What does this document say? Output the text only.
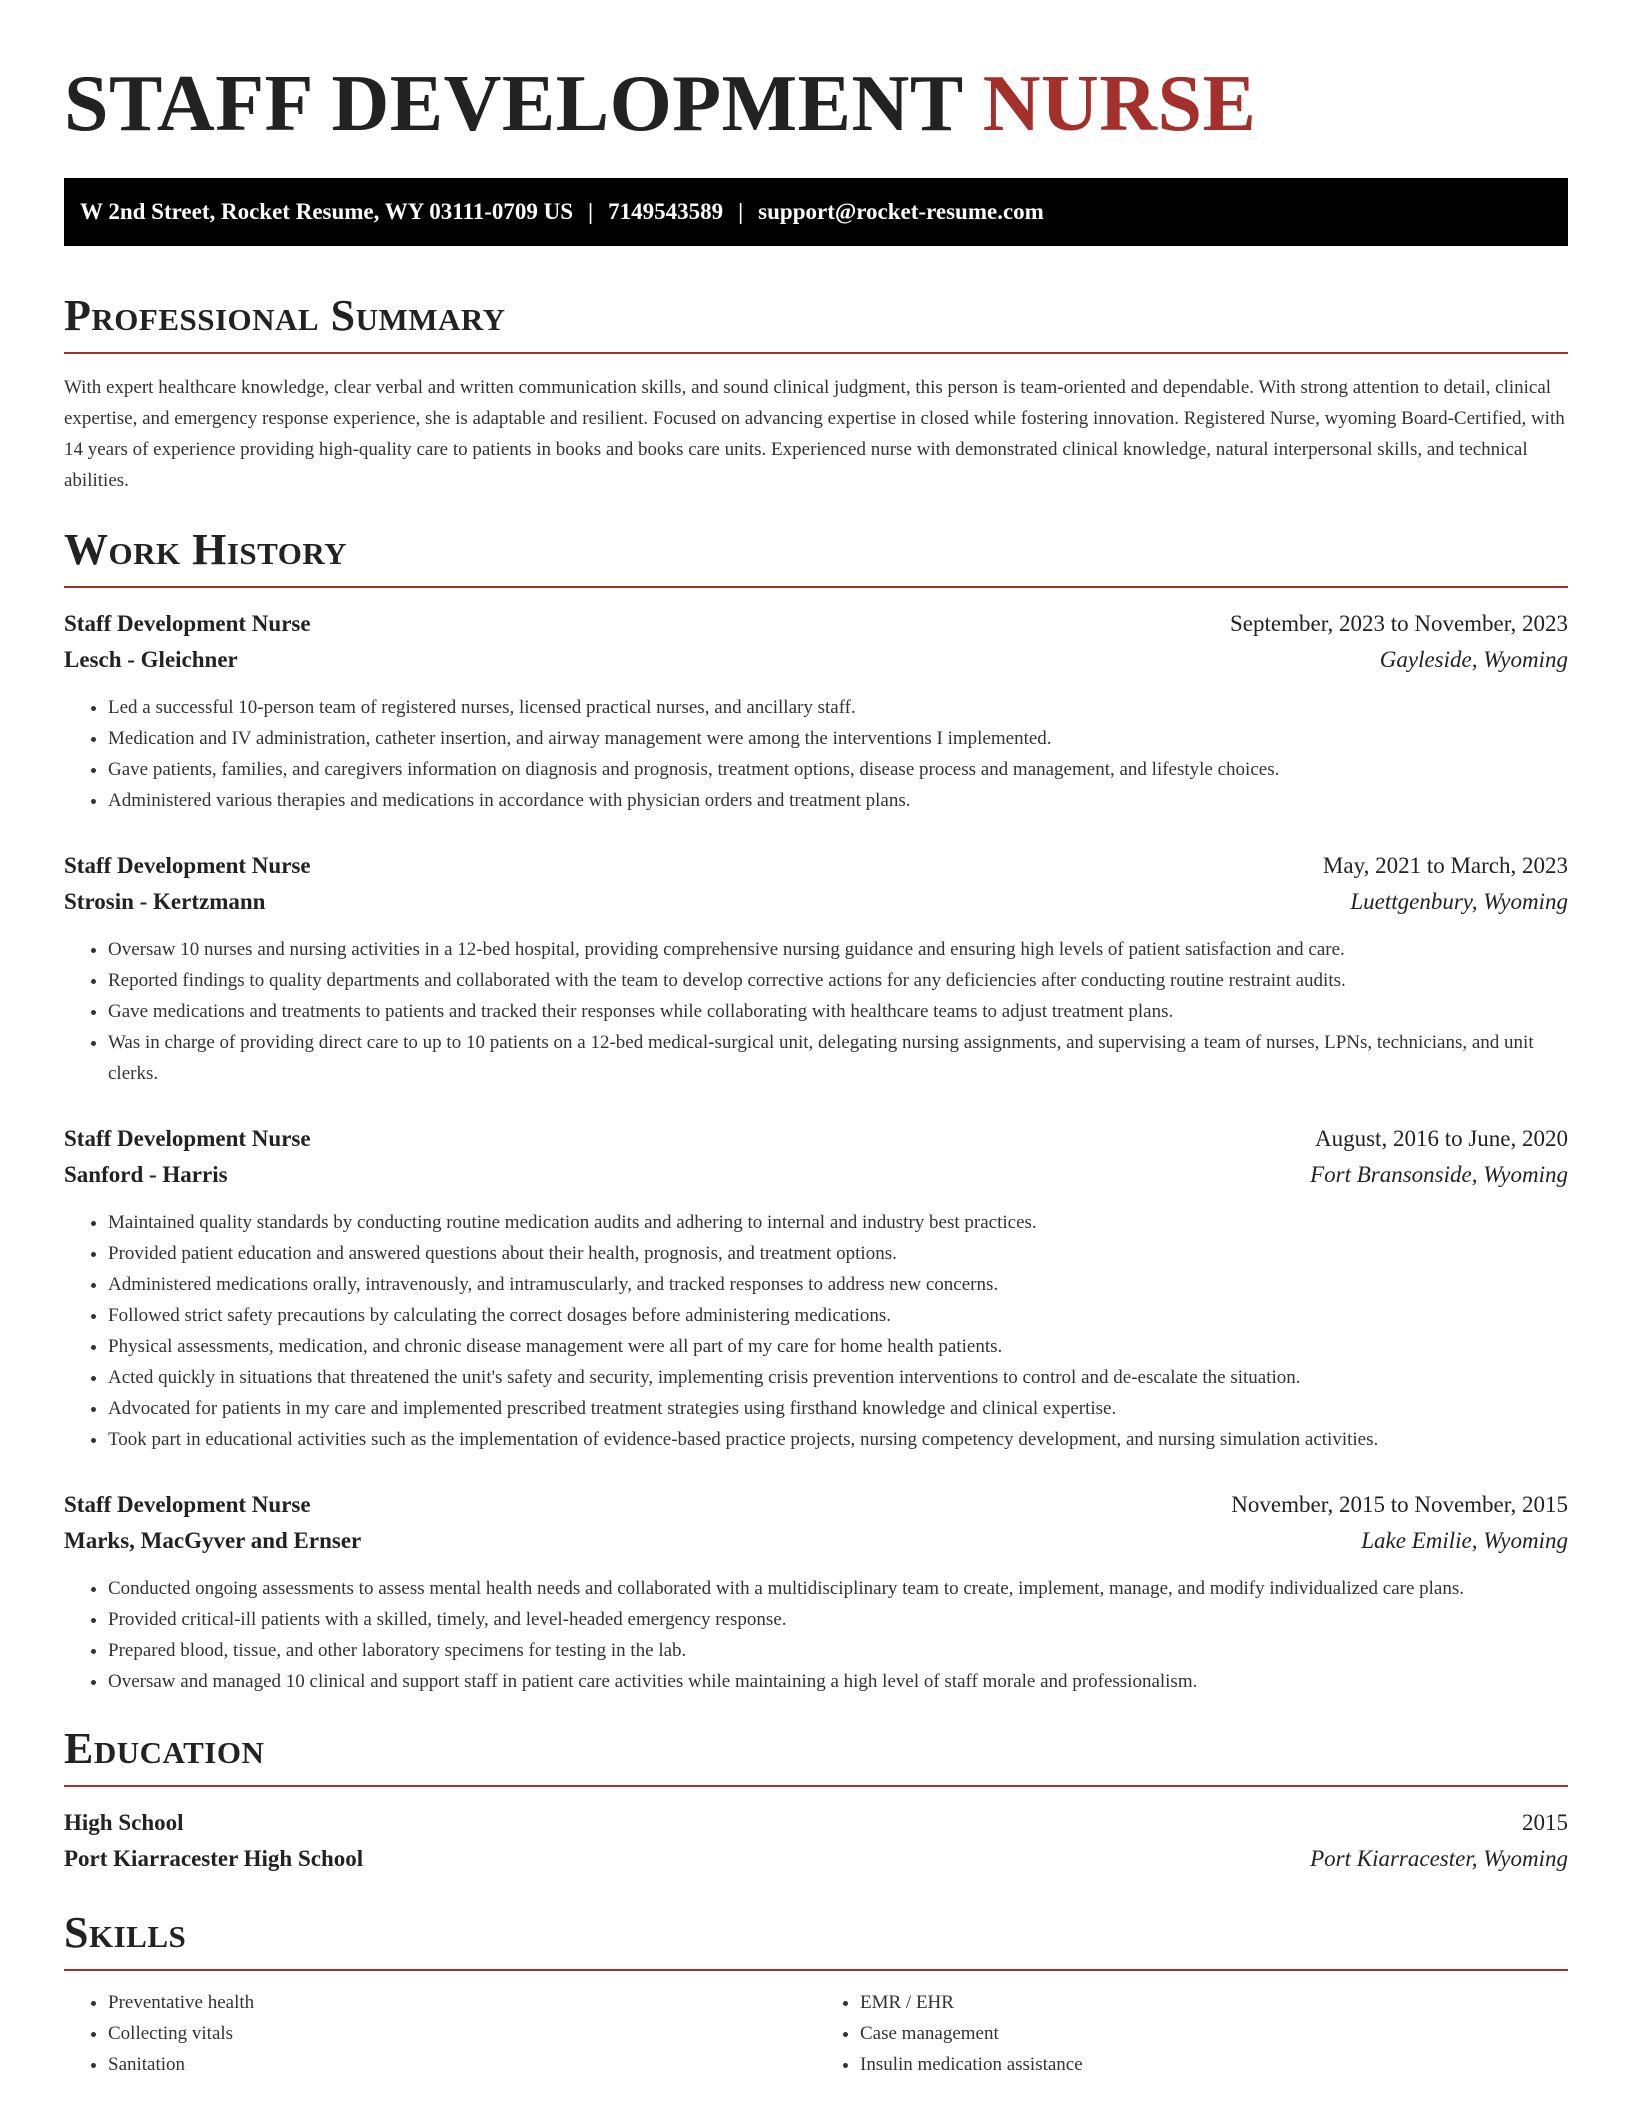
STAFF DEVELOPMENT NURSE
W 2nd Street, Rocket Resume, WY 03111-0709 US | 7149543589 | support@rocket-resume.com
Professional Summary

With expert healthcare knowledge, clear verbal and written communication skills, and sound clinical judgment, this person is team-oriented and dependable. With strong attention to detail, clinical expertise, and emergency response experience, she is adaptable and resilient. Focused on advancing expertise in closed while fostering innovation. Registered Nurse, wyoming Board-Certified, with 14 years of experience providing high-quality care to patients in books and books care units. Experienced nurse with demonstrated clinical knowledge, natural interpersonal skills, and technical abilities.

Work History
Staff Development Nurse	September, 2023 to November, 2023
Lesch - Gleichner	Gayleside, Wyoming
• Led a successful 10-person team of registered nurses, licensed practical nurses, and ancillary staff.
• Medication and IV administration, catheter insertion, and airway management were among the interventions I implemented.
• Gave patients, families, and caregivers information on diagnosis and prognosis, treatment options, disease process and management, and lifestyle choices.
• Administered various therapies and medications in accordance with physician orders and treatment plans.
Staff Development Nurse	May, 2021 to March, 2023
Strosin - Kertzmann	Luettgenbury, Wyoming
• Oversaw 10 nurses and nursing activities in a 12-bed hospital, providing comprehensive nursing guidance and ensuring high levels of patient satisfaction and care.
• Reported findings to quality departments and collaborated with the team to develop corrective actions for any deficiencies after conducting routine restraint audits.
• Gave medications and treatments to patients and tracked their responses while collaborating with healthcare teams to adjust treatment plans.
• Was in charge of providing direct care to up to 10 patients on a 12-bed medical-surgical unit, delegating nursing assignments, and supervising a team of nurses, LPNs, technicians, and unit clerks.
Staff Development Nurse	August, 2016 to June, 2020
Sanford - Harris	Fort Bransonside, Wyoming
• Maintained quality standards by conducting routine medication audits and adhering to internal and industry best practices.
• Provided patient education and answered questions about their health, prognosis, and treatment options.
• Administered medications orally, intravenously, and intramuscularly, and tracked responses to address new concerns.
• Followed strict safety precautions by calculating the correct dosages before administering medications.
• Physical assessments, medication, and chronic disease management were all part of my care for home health patients.
• Acted quickly in situations that threatened the unit's safety and security, implementing crisis prevention interventions to control and de-escalate the situation.
• Advocated for patients in my care and implemented prescribed treatment strategies using firsthand knowledge and clinical expertise.
• Took part in educational activities such as the implementation of evidence-based practice projects, nursing competency development, and nursing simulation activities.
Staff Development Nurse	November, 2015 to November, 2015
Marks, MacGyver and Ernser	Lake Emilie, Wyoming
• Conducted ongoing assessments to assess mental health needs and collaborated with a multidisciplinary team to create, implement, manage, and modify individualized care plans.
• Provided critical-ill patients with a skilled, timely, and level-headed emergency response.
• Prepared blood, tissue, and other laboratory specimens for testing in the lab.
• Oversaw and managed 10 clinical and support staff in patient care activities while maintaining a high level of staff morale and professionalism.
Education
High School	2015
Port Kiarracester High School	Port Kiarracester, Wyoming
Skills
• Preventative health
• Collecting vitals
• Sanitation
• EMR / EHR
• Case management
• Insulin medication assistance
